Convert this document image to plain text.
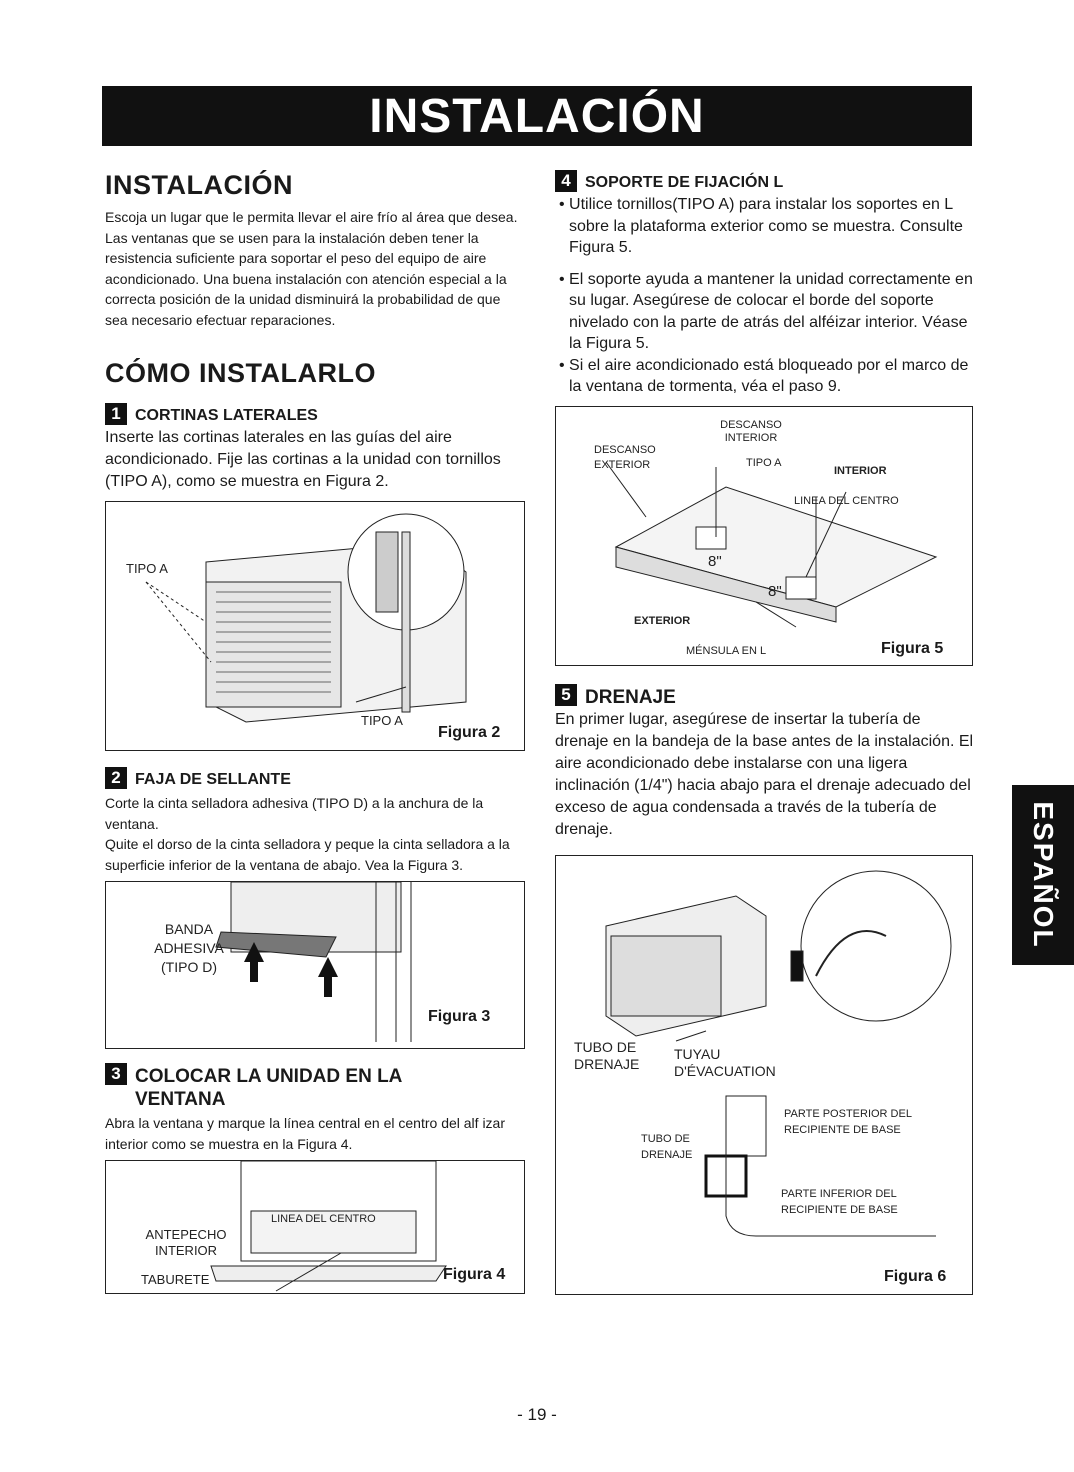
INSTALACIÓN
INSTALACIÓN

Escoja un lugar que le permita llevar el aire frío al área que desea. Las ventanas que se usen para la instalación deben tener la resistencia suficiente para soportar el peso del equipo de aire acondicionado. Una buena instalación con atención especial a la correcta posición de la unidad disminuirá la probabilidad de que sea necesario efectuar reparaciones.

CÓMO INSTALARLO
1 CORTINAS LATERALES

Inserte las cortinas laterales en las guías del aire acondicionado. Fije las cortinas a la unidad con tornillos (TIPO A), como se muestra en Figura 2.

TIPO A
TIPO A
Figura 2
2 FAJA DE SELLANTE

Corte la cinta selladora adhesiva (TIPO D) a la anchura de la ventana.

Quite el dorso de la cinta selladora y peque la cinta selladora a la superficie inferior de la ventana de abajo. Vea la Figura 3.

BANDA ADHESIVA (TIPO D)
Figura 3
3 COLOCAR LA UNIDAD EN LA VENTANA

Abra la ventana y marque la línea central en el centro del alf izar interior como se muestra en la Figura 4.

LINEA DEL CENTRO
ANTEPECHO INTERIOR
TABURETE	Figura 4
4 SOPORTE DE FIJACIÓN L

• Utilice tornillos(TIPO A) para instalar los soportes en L sobre la plataforma exterior como se muestra. Consulte Figura 5.

• El soporte ayuda a mantener la unidad correctamente en su lugar. Asegúrese de colocar el borde del soporte nivelado con la parte de atrás del alféizar interior. Véase la Figura 5.

• Si el aire acondicionado está bloqueado por el marco de la ventana de tormenta, véa el paso 9.

DESCANSO INTERIOR
DESCANSO EXTERIOR	TIPO A
INTERIOR
LINEA DEL CENTRO
8"
8"
EXTERIOR
MÉNSULA EN L	Figura 5
5 DRENAJE

En primer lugar, asegúrese de insertar la tubería de drenaje en la bandeja de la base antes de la instalación. El aire acondicionado debe instalarse con una ligera inclinación (1/4") hacia abajo para el drenaje adecuado del exceso de agua condensada a través de la tubería de drenaje.

TUBO DE DRENAJE
TUYAU D'ÉVACUATION
PARTE POSTERIOR DEL RECIPIENTE DE BASE
TUBO DE DRENAJE
PARTE INFERIOR DEL RECIPIENTE DE BASE
Figura 6
ESPAÑOL
- 19 -
